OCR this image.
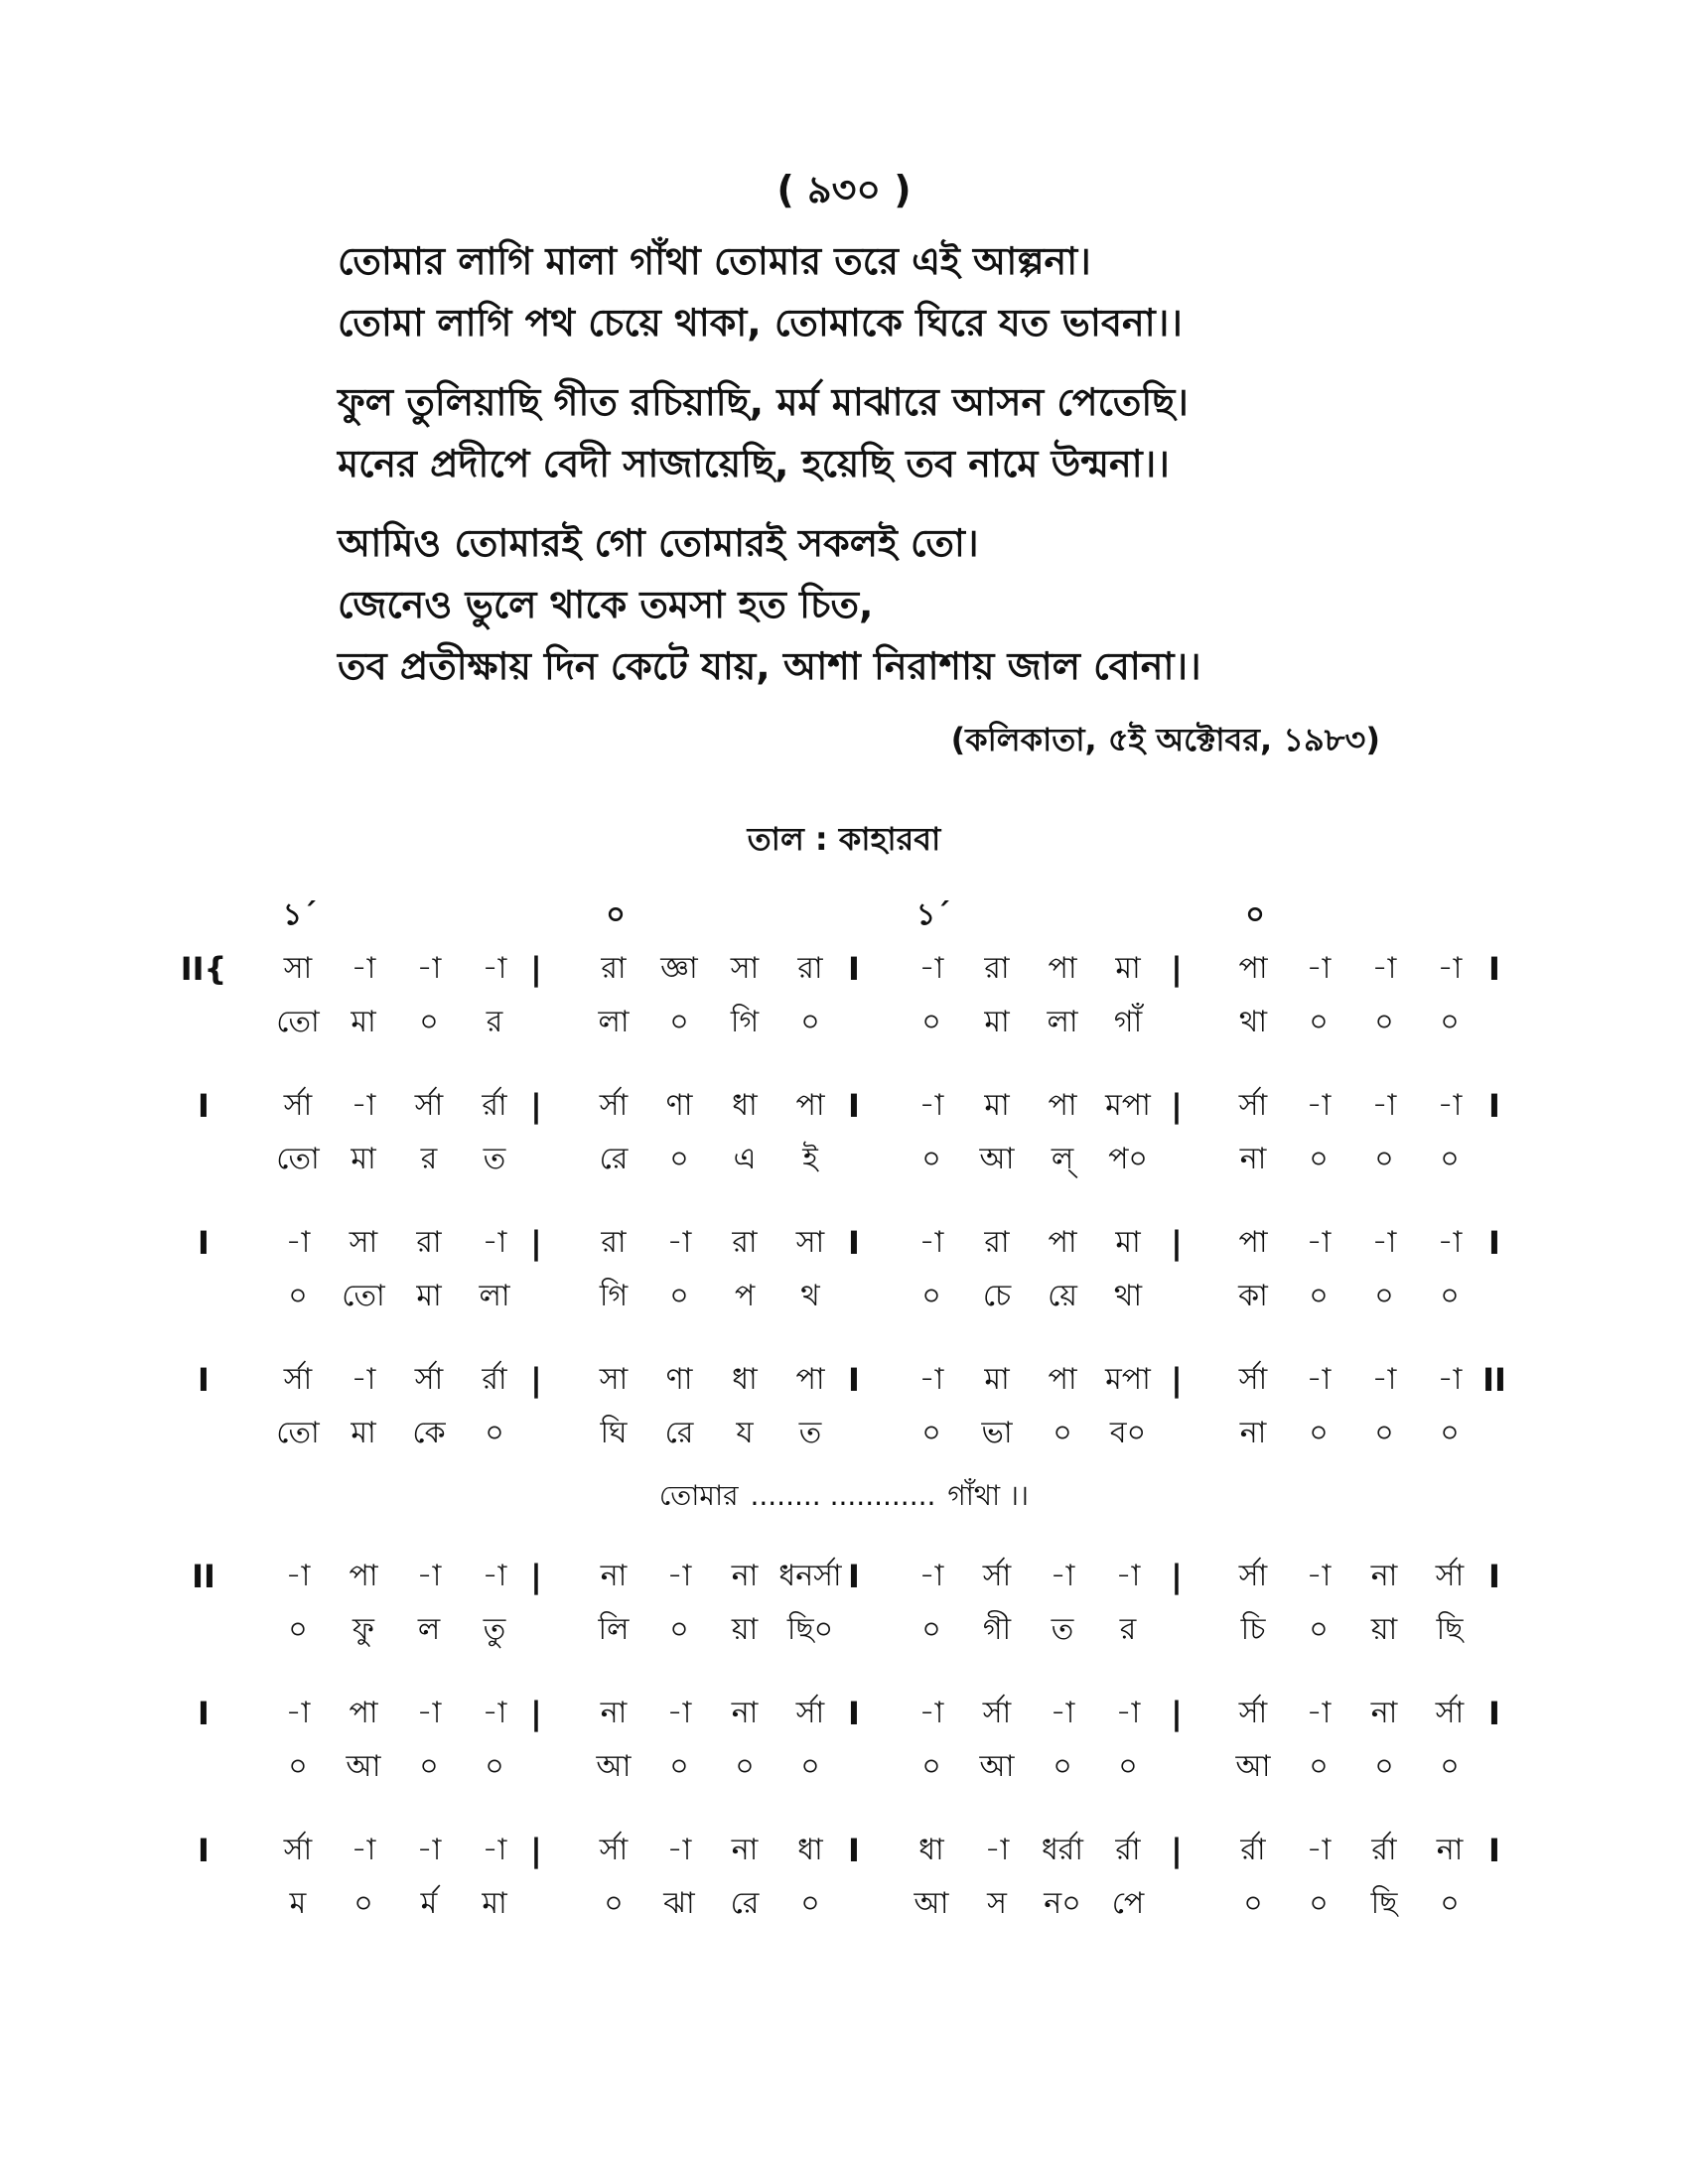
( ৯৩০ )
তোমার লাগি মালা গাঁথা তোমার তরে এই আল্পনা।
তোমা লাগি পথ চেয়ে থাকা, তোমাকে ঘিরে যত ভাবনা।।
ফুল তুলিয়াছি গীত রচিয়াছি, মর্ম মাঝারে আসন পেতেছি।
মনের প্রদীপে বেদী সাজায়েছি, হয়েছি তব নামে উন্মনা।।
আমিও তোমারই গো তোমারই সকলই তো।
জেনেও ভুলে থাকে তমসা হত চিত,
তব প্রতীক্ষায় দিন কেটে যায়, আশা নিরাশায় জাল বোনা।।
(কলিকাতা, ৫ই অক্টোবর, ১৯৮৩)
তাল : কাহারবা
১´	০	১´	০
II{	|	I	|	I
সা -া -া -া	রা জ্ঞা সা রা	-া রা পা মা	পা -া -া -া
তো মা ০ র	লা ০ গি ০	০ মা লা গাঁ	থা ০ ০ ০
I	|	I	|	I
র্সা -া র্সা র্রা	র্সা ণা ধা পা	-া মা পা মপা	র্সা -া -া -া
তো মা র ত	রে ০ এ ই	০ আ ল্ প০	না ০ ০ ০
I	|	I	|	I
-া সা রা -া	রা -া রা সা	-া রা পা মা	পা -া -া -া
০ তো মা লা	গি ০ প থ	০ চে য়ে থা	কা ০ ০ ০
I	|	I	|	II
র্সা -া র্সা র্রা	সা ণা ধা পা	-া মা পা মপা	র্সা -া -া -া
তো মা কে ০	ঘি রে য ত	০ ভা ০ ব০	না ০ ০ ০
তোমার ........ ............ গাঁথা ।।
II	|	I	|	I
-া পা -া -া	না -া না ধনর্সা	-া র্সা -া -া	র্সা -া না র্সা
০ ফু ল তু	লি ০ য়া ছি০	০ গী ত র	চি ০ য়া ছি
I	|	I	|	I
-া পা -া -া	না -া না র্সা	-া র্সা -া -া	র্সা -া না র্সা
০ আ ০ ০	আ ০ ০ ০	০ আ ০ ০	আ ০ ০ ০
I	|	I	|	I
র্সা -া -া -া	র্সা -া না ধা	ধা -া ধর্রা র্রা	র্রা -া র্রা না
ম ০ র্ম মা	০ ঝা রে ০	আ স ন০ পে	০ ০ ছি ০
